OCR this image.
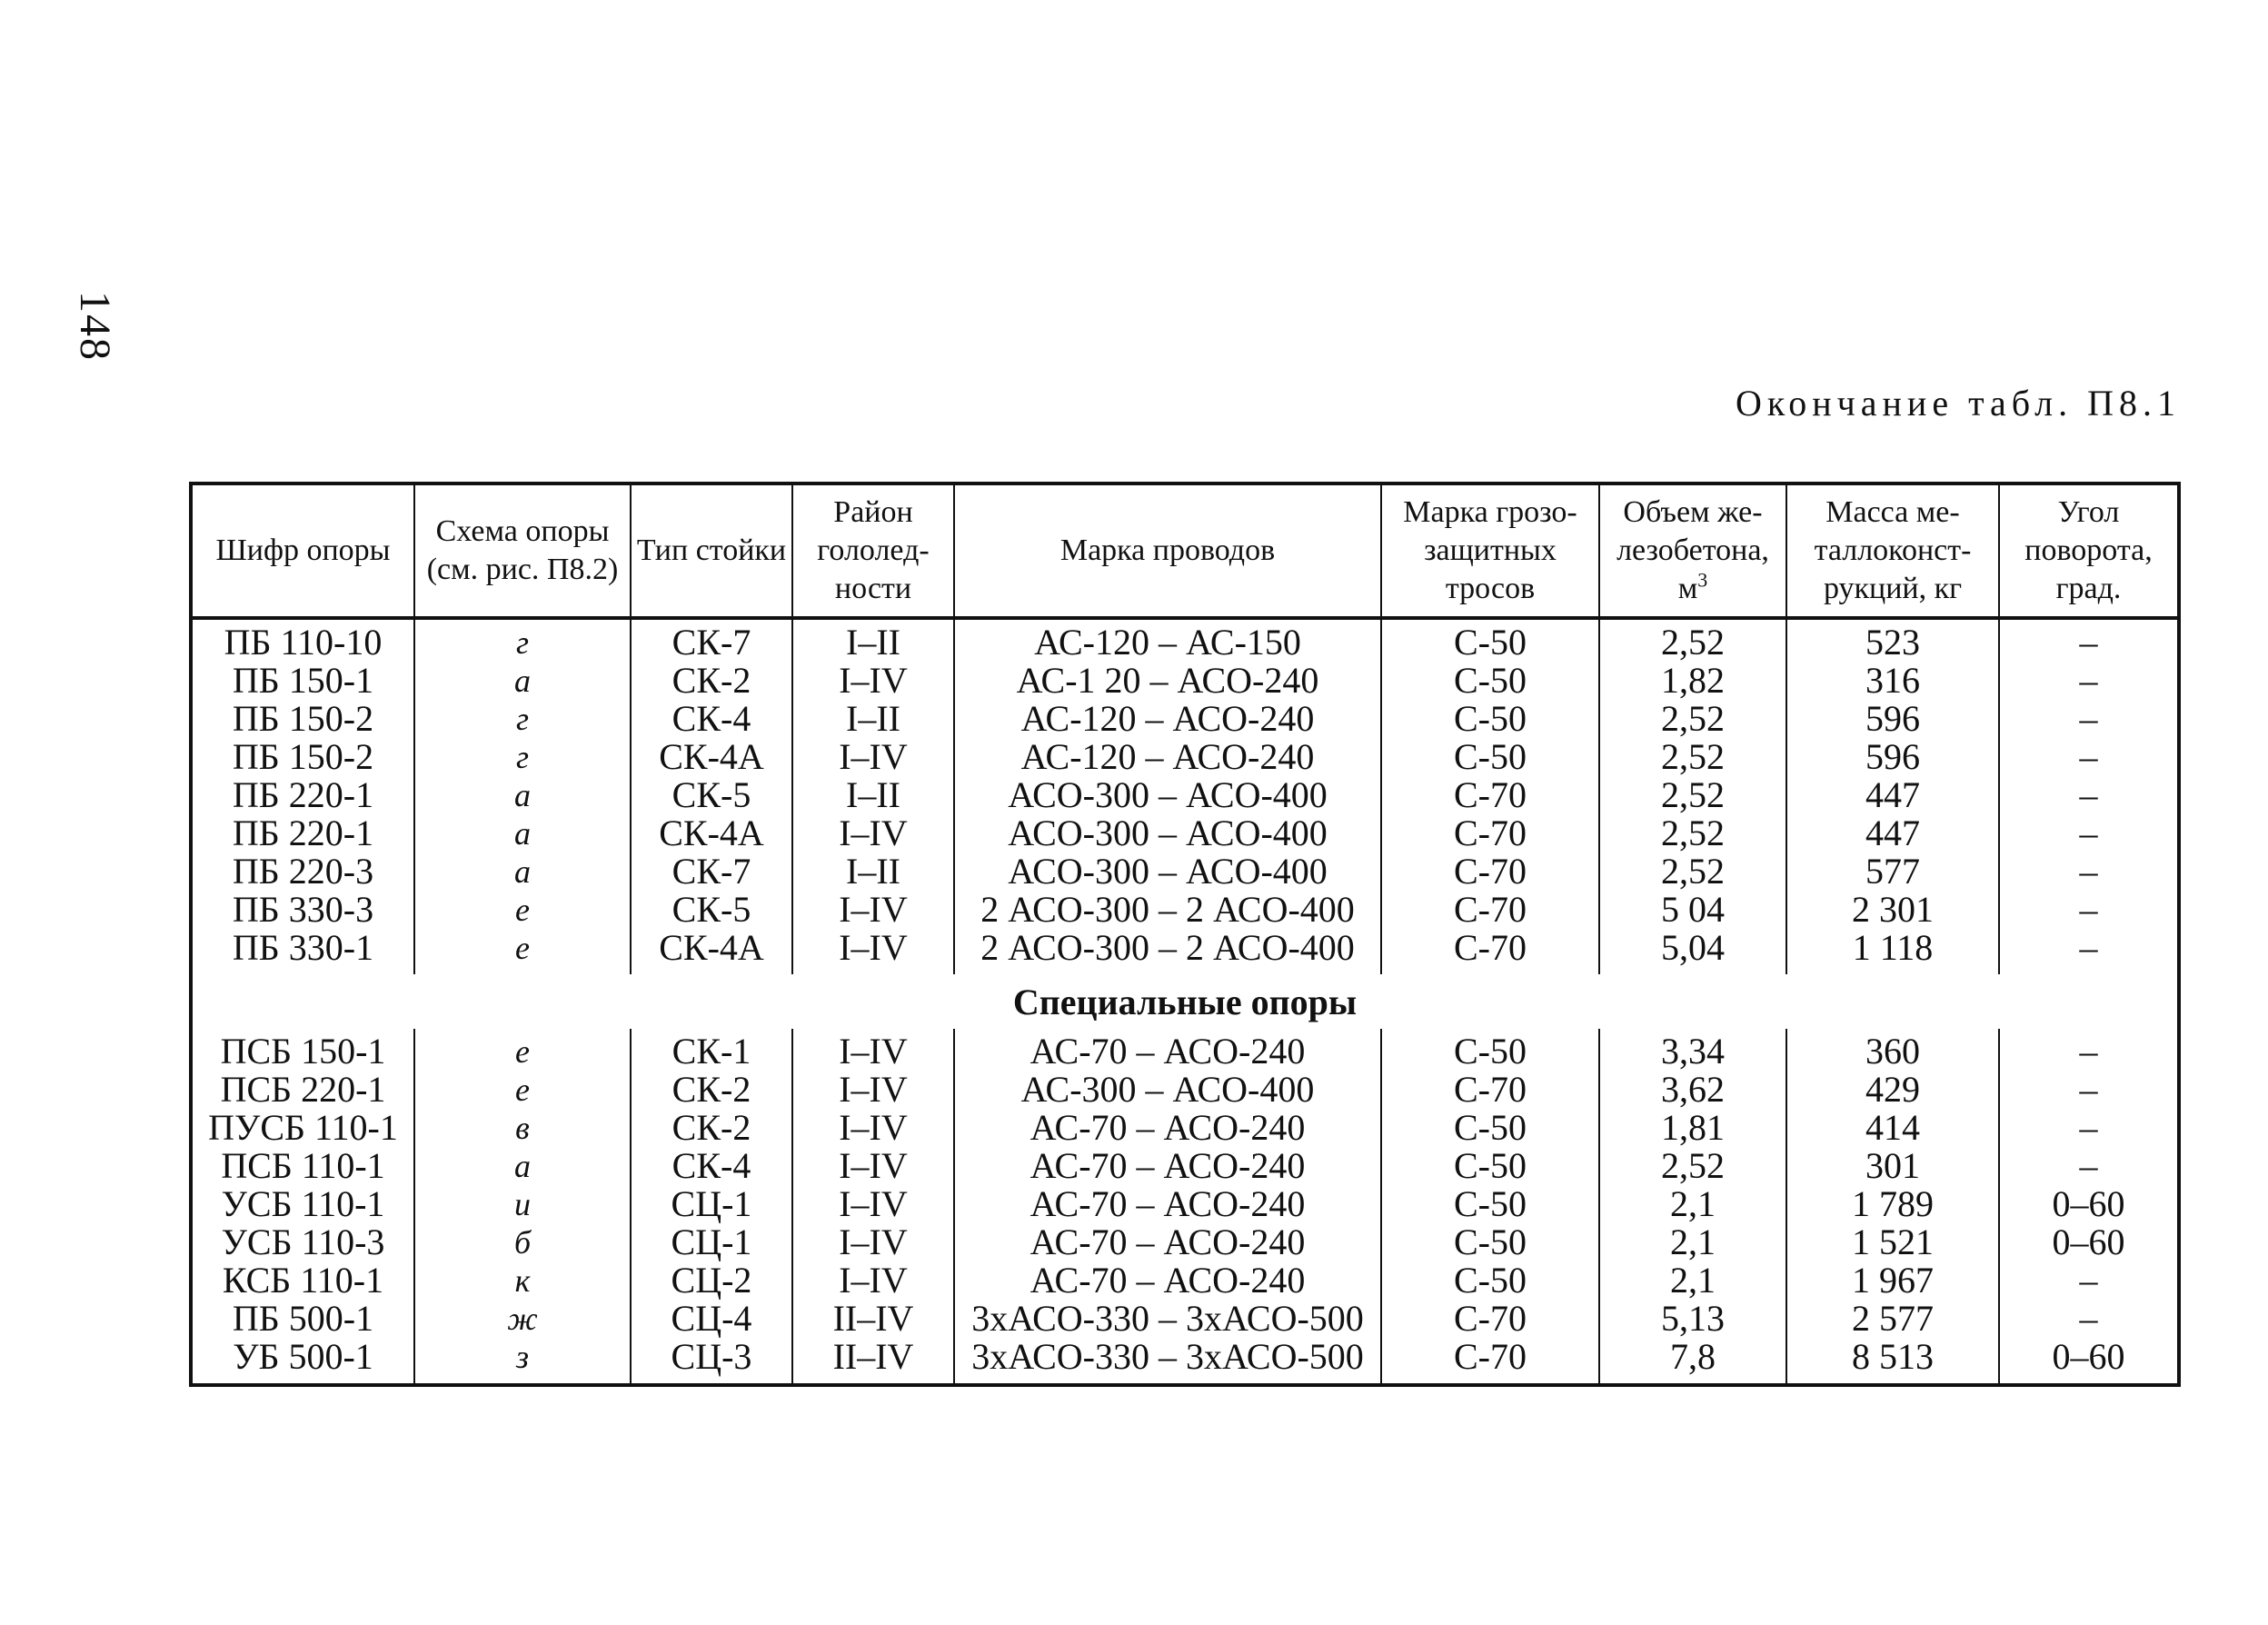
148
Окончание табл. П8.1
Шифр опоры	Схема опоры (см. рис. П8.2)	Тип стойки	Район гололед-ности	Марка проводов	Марка грозо-защитных тросов	Объем же-лезобетона, $м^3$	Масса ме-таллоконст-рукций, кг	Угол поворота, град.
ПБ 110-10	г	СК-7	I–II	АС-120 – АС-150	С-50	2,52	523	–
ПБ 150-1	а	СК-2	I–IV	АС-1 20 – АСО-240	С-50	1,82	316	–
ПБ 150-2	г	СК-4	I–II	АС-120 – АСО-240	С-50	2,52	596	–
ПБ 150-2	г	СК-4А	I–IV	АС-120 – АСО-240	С-50	2,52	596	–
ПБ 220-1	а	СК-5	I–II	АСО-300 – АСО-400	С-70	2,52	447	–
ПБ 220-1	а	СК-4А	I–IV	АСО-300 – АСО-400	С-70	2,52	447	–
ПБ 220-3	а	СК-7	I–II	АСО-300 – АСО-400	С-70	2,52	577	–
ПБ 330-3	е	СК-5	I–IV	2 АСО-300 – 2 АСО-400	С-70	5 04	2 301	–
ПБ 330-1	е	СК-4А	I–IV	2 АСО-300 – 2 АСО-400	С-70	5,04	1 118	–
Специальные опоры								
ПСБ 150-1	е	СК-1	I–IV	АС-70 – АСО-240	С-50	3,34	360	–
ПСБ 220-1	е	СК-2	I–IV	АС-300 – АСО-400	С-70	3,62	429	–
ПУСБ 110-1	в	СК-2	I–IV	АС-70 – АСО-240	С-50	1,81	414	–
ПСБ 110-1	а	СК-4	I–IV	АС-70 – АСО-240	С-50	2,52	301	–
УСБ 110-1	и	СЦ-1	I–IV	АС-70 – АСО-240	С-50	2,1	1 789	0–60
УСБ 110-3	б	СЦ-1	I–IV	АС-70 – АСО-240	С-50	2,1	1 521	0–60
КСБ 110-1	к	СЦ-2	I–IV	АС-70 – АСО-240	С-50	2,1	1 967	–
ПБ 500-1	ж	СЦ-4	II–IV	3хАСО-330 – 3хАСО-500	С-70	5,13	2 577	–
УБ 500-1	з	СЦ-3	II–IV	3хАСО-330 – 3хАСО-500	С-70	7,8	8 513	0–60
